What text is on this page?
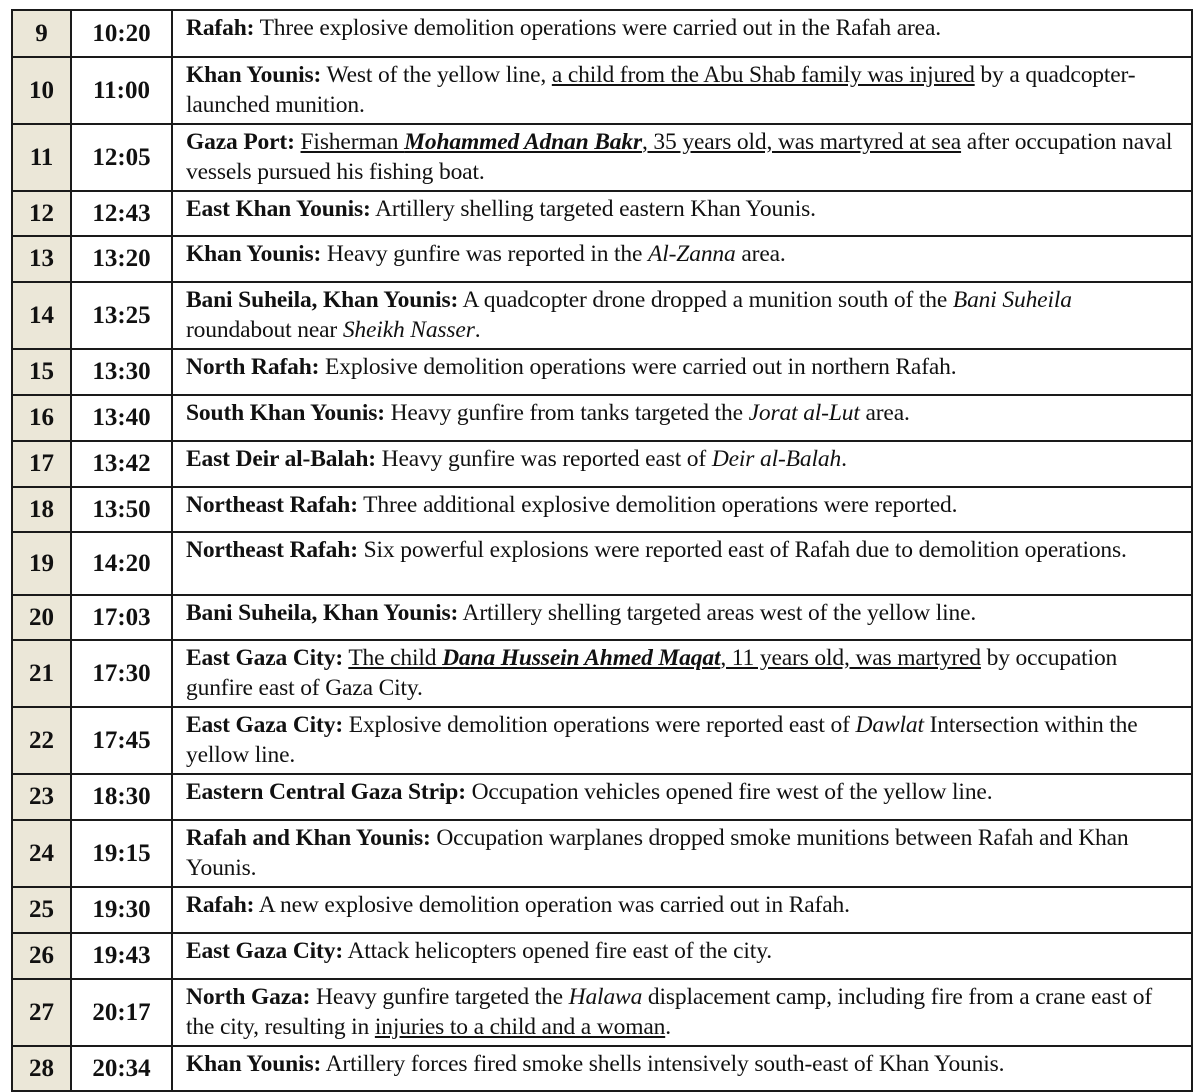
9	10:20	Rafah: Three explosive demolition operations were carried out in the Rafah area.
10	11:00	Khan Younis: West of the yellow line, a child from the Abu Shab family was injured by a quadcopter-launched munition.
11	12:05	Gaza Port: Fisherman Mohammed Adnan Bakr, 35 years old, was martyred at sea after occupation naval vessels pursued his fishing boat.
12	12:43	East Khan Younis: Artillery shelling targeted eastern Khan Younis.
13	13:20	Khan Younis: Heavy gunfire was reported in the Al-Zanna area.
14	13:25	Bani Suheila, Khan Younis: A quadcopter drone dropped a munition south of the Bani Suheila roundabout near Sheikh Nasser.
15	13:30	North Rafah: Explosive demolition operations were carried out in northern Rafah.
16	13:40	South Khan Younis: Heavy gunfire from tanks targeted the Jorat al-Lut area.
17	13:42	East Deir al-Balah: Heavy gunfire was reported east of Deir al-Balah.
18	13:50	Northeast Rafah: Three additional explosive demolition operations were reported.
19	14:20	Northeast Rafah: Six powerful explosions were reported east of Rafah due to demolition operations.
20	17:03	Bani Suheila, Khan Younis: Artillery shelling targeted areas west of the yellow line.
21	17:30	East Gaza City: The child Dana Hussein Ahmed Maqat, 11 years old, was martyred by occupation gunfire east of Gaza City.
22	17:45	East Gaza City: Explosive demolition operations were reported east of Dawlat Intersection within the yellow line.
23	18:30	Eastern Central Gaza Strip: Occupation vehicles opened fire west of the yellow line.
24	19:15	Rafah and Khan Younis: Occupation warplanes dropped smoke munitions between Rafah and Khan Younis.
25	19:30	Rafah: A new explosive demolition operation was carried out in Rafah.
26	19:43	East Gaza City: Attack helicopters opened fire east of the city.
27	20:17	North Gaza: Heavy gunfire targeted the Halawa displacement camp, including fire from a crane east of the city, resulting in injuries to a child and a woman.
28	20:34	Khan Younis: Artillery forces fired smoke shells intensively south-east of Khan Younis.
